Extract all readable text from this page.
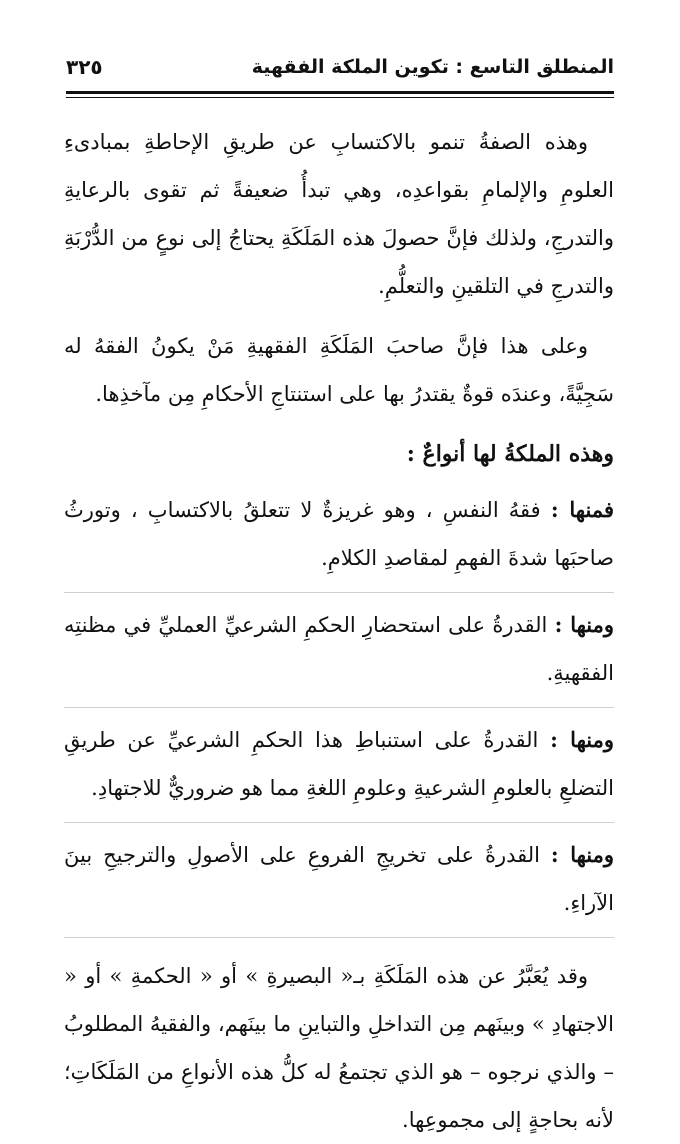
المنطلق التاسع : تكوين الملكة الفقهية
٣٢٥

وهذه الصفةُ تنمو بالاكتسابِ عن طريقِ الإحاطةِ بمبادىءِ العلومِ والإلمامِ بقواعدِه، وهي تبدأُ ضعيفةً ثم تقوى بالرعايةِ والتدرجِ، ولذلك فإنَّ حصولَ هذه المَلَكَةِ يحتاجُ إلى نوعٍ من الدُّرْبَةِ والتدرجِ في التلقينِ والتعلُّمِ.

وعلى هذا فإنَّ صاحبَ المَلَكَةِ الفقهيةِ مَنْ يكونُ الفقهُ له سَجِيَّةً، وعندَه قوةٌ يقتدرُ بها على استنتاجِ الأحكامِ مِن مآخذِها.

وهذه الملكةُ لها أنواعٌ :

فمنها : فقهُ النفسِ ، وهو غريزةٌ لا تتعلقُ بالاكتسابِ ، وتورثُ صاحبَها شدةَ الفهمِ لمقاصدِ الكلامِ.

ومنها : القدرةُ على استحضارِ الحكمِ الشرعيِّ العمليِّ في مظنتِه الفقهيةِ.

ومنها : القدرةُ على استنباطِ هذا الحكمِ الشرعيِّ عن طريقِ التضلعِ بالعلومِ الشرعيةِ وعلومِ اللغةِ مما هو ضروريٌّ للاجتهادِ.

ومنها : القدرةُ على تخريجِ الفروعِ على الأصولِ والترجيحِ بينَ الآراءِ.

وقد يُعَبَّرُ عن هذه المَلَكَةِ بـ« البصيرةِ » أو « الحكمةِ » أو « الاجتهادِ » وبينَهم مِن التداخلِ والتباينِ ما بينَهم، والفقيهُ المطلوبُ – والذي نرجوه – هو الذي تجتمعُ له كلُّ هذه الأنواعِ من المَلَكَاتِ؛ لأنه بحاجةٍ إلى مجموعِها.
